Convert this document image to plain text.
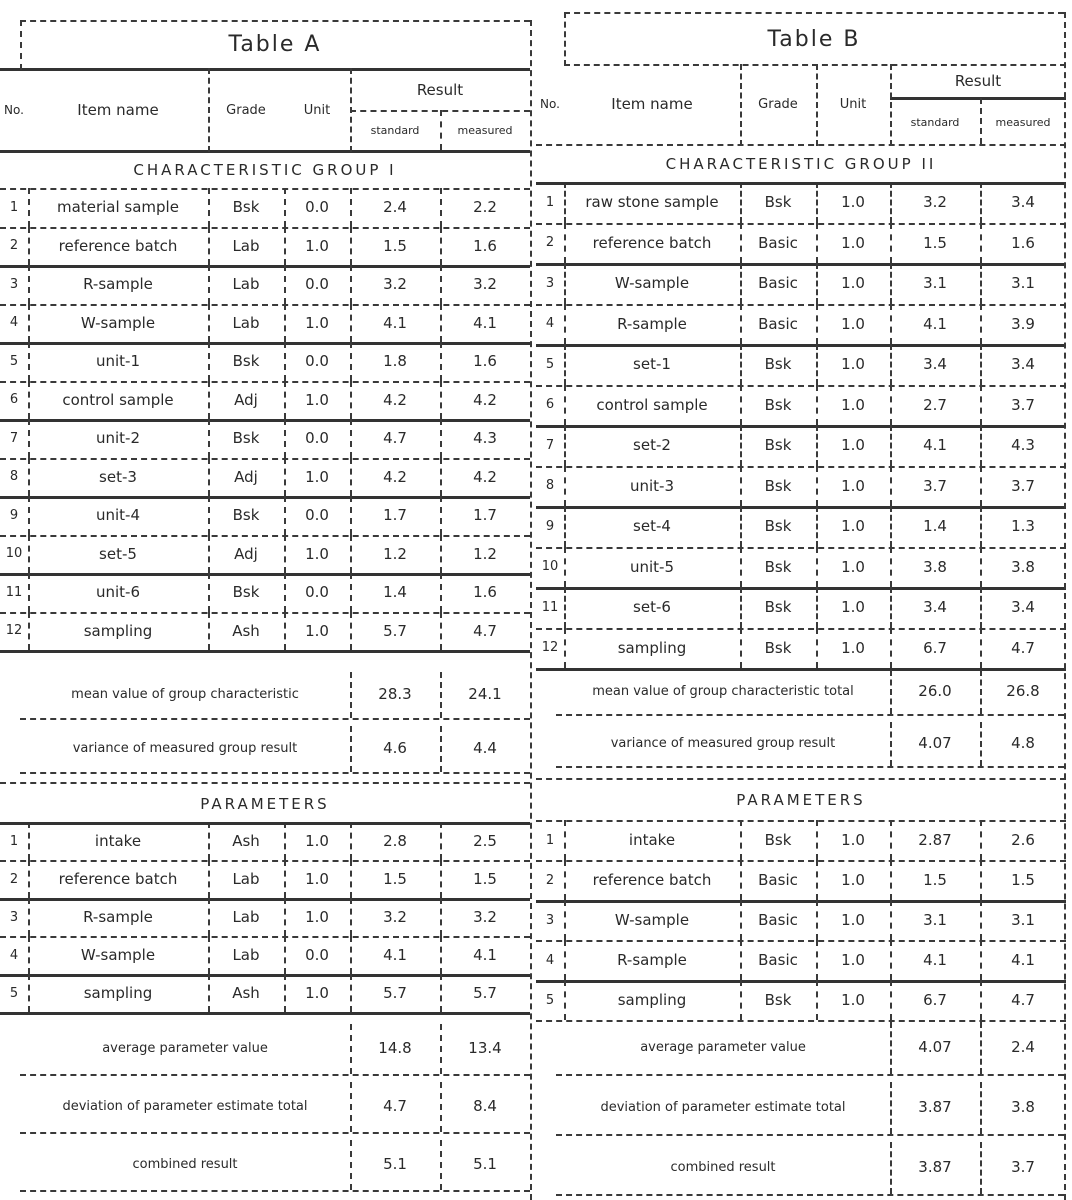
Table A
No.	Item name	Grade	Unit
Result
standard	measured
CHARACTERISTIC GROUP I
1	material sample	Bsk	0.0	2.4	2.2
2	reference batch	Lab	1.0	1.5	1.6
3	R-sample	Lab	0.0	3.2	3.2
4	W-sample	Lab	1.0	4.1	4.1
5	unit-1	Bsk	0.0	1.8	1.6
6	control sample	Adj	1.0	4.2	4.2
7	unit-2	Bsk	0.0	4.7	4.3
8	set-3	Adj	1.0	4.2	4.2
9	unit-4	Bsk	0.0	1.7	1.7
10	set-5	Adj	1.0	1.2	1.2
11	unit-6	Bsk	0.0	1.4	1.6
12	sampling	Ash	1.0	5.7	4.7
mean value of group characteristic	28.3	24.1
variance of measured group result	4.6	4.4
PARAMETERS
1	intake	Ash	1.0	2.8	2.5
2	reference batch	Lab	1.0	1.5	1.5
3	R-sample	Lab	1.0	3.2	3.2
4	W-sample	Lab	0.0	4.1	4.1
5	sampling	Ash	1.0	5.7	5.7
average parameter value	14.8	13.4
deviation of parameter estimate total	4.7	8.4
combined result	5.1	5.1
Table B
No.	Item name	Grade	Unit
Result
standard	measured
CHARACTERISTIC GROUP II
1	raw stone sample	Bsk	1.0	3.2	3.4
2	reference batch	Basic	1.0	1.5	1.6
3	W-sample	Basic	1.0	3.1	3.1
4	R-sample	Basic	1.0	4.1	3.9
5	set-1	Bsk	1.0	3.4	3.4
6	control sample	Bsk	1.0	2.7	3.7
7	set-2	Bsk	1.0	4.1	4.3
8	unit-3	Bsk	1.0	3.7	3.7
9	set-4	Bsk	1.0	1.4	1.3
10	unit-5	Bsk	1.0	3.8	3.8
11	set-6	Bsk	1.0	3.4	3.4
12	sampling	Bsk	1.0	6.7	4.7
mean value of group characteristic total	26.0	26.8
variance of measured group result	4.07	4.8
PARAMETERS
1	intake	Bsk	1.0	2.87	2.6
2	reference batch	Basic	1.0	1.5	1.5
3	W-sample	Basic	1.0	3.1	3.1
4	R-sample	Basic	1.0	4.1	4.1
5	sampling	Bsk	1.0	6.7	4.7
average parameter value	4.07	2.4
deviation of parameter estimate total	3.87	3.8
combined result	3.87	3.7
